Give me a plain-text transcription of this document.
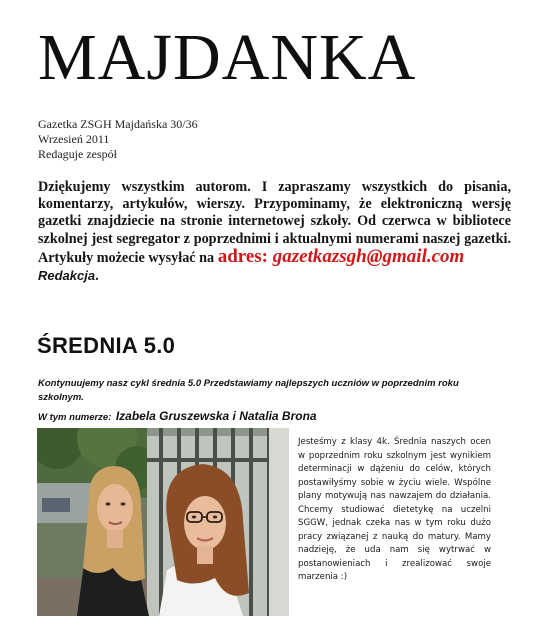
MAJDANKA
Gazetka ZSGH Majdańska 30/36
Wrzesień 2011
Redaguje zespół

Dziękujemy wszystkim autorom. I zapraszamy wszystkich do pisania, komentarzy, artykułów, wierszy. Przypominamy, że elektroniczną wersję gazetki znajdziecie na stronie internetowej szkoły. Od czerwca w bibliotece szkolnej jest segregator z poprzednimi i aktualnymi numerami naszej gazetki. Artykuły możecie wysyłać na adres: gazetkazsgh@gmail.com

Redakcja.

ŚREDNIA 5.0
Kontynuujemy nasz cykl średnia 5.0 Przedstawiamy najlepszych uczniów w poprzednim roku szkolnym.
W tym numerze: Izabela Gruszewska i Natalia Brona

Jesteśmy z klasy 4k. Średnia naszych ocen w poprzednim roku szkolnym jest wynikiem determinacji w dążeniu do celów, których postawiłyśmy sobie w życiu wiele. Wspólne plany motywują nas nawzajem do działania. Chcemy studiować dietetykę na uczelni SGGW, jednak czeka nas w tym roku dużo pracy związanej z nauką do matury. Mamy nadzieję, że uda nam się wytrwać w postanowieniach i zrealizować swoje marzenia :)
